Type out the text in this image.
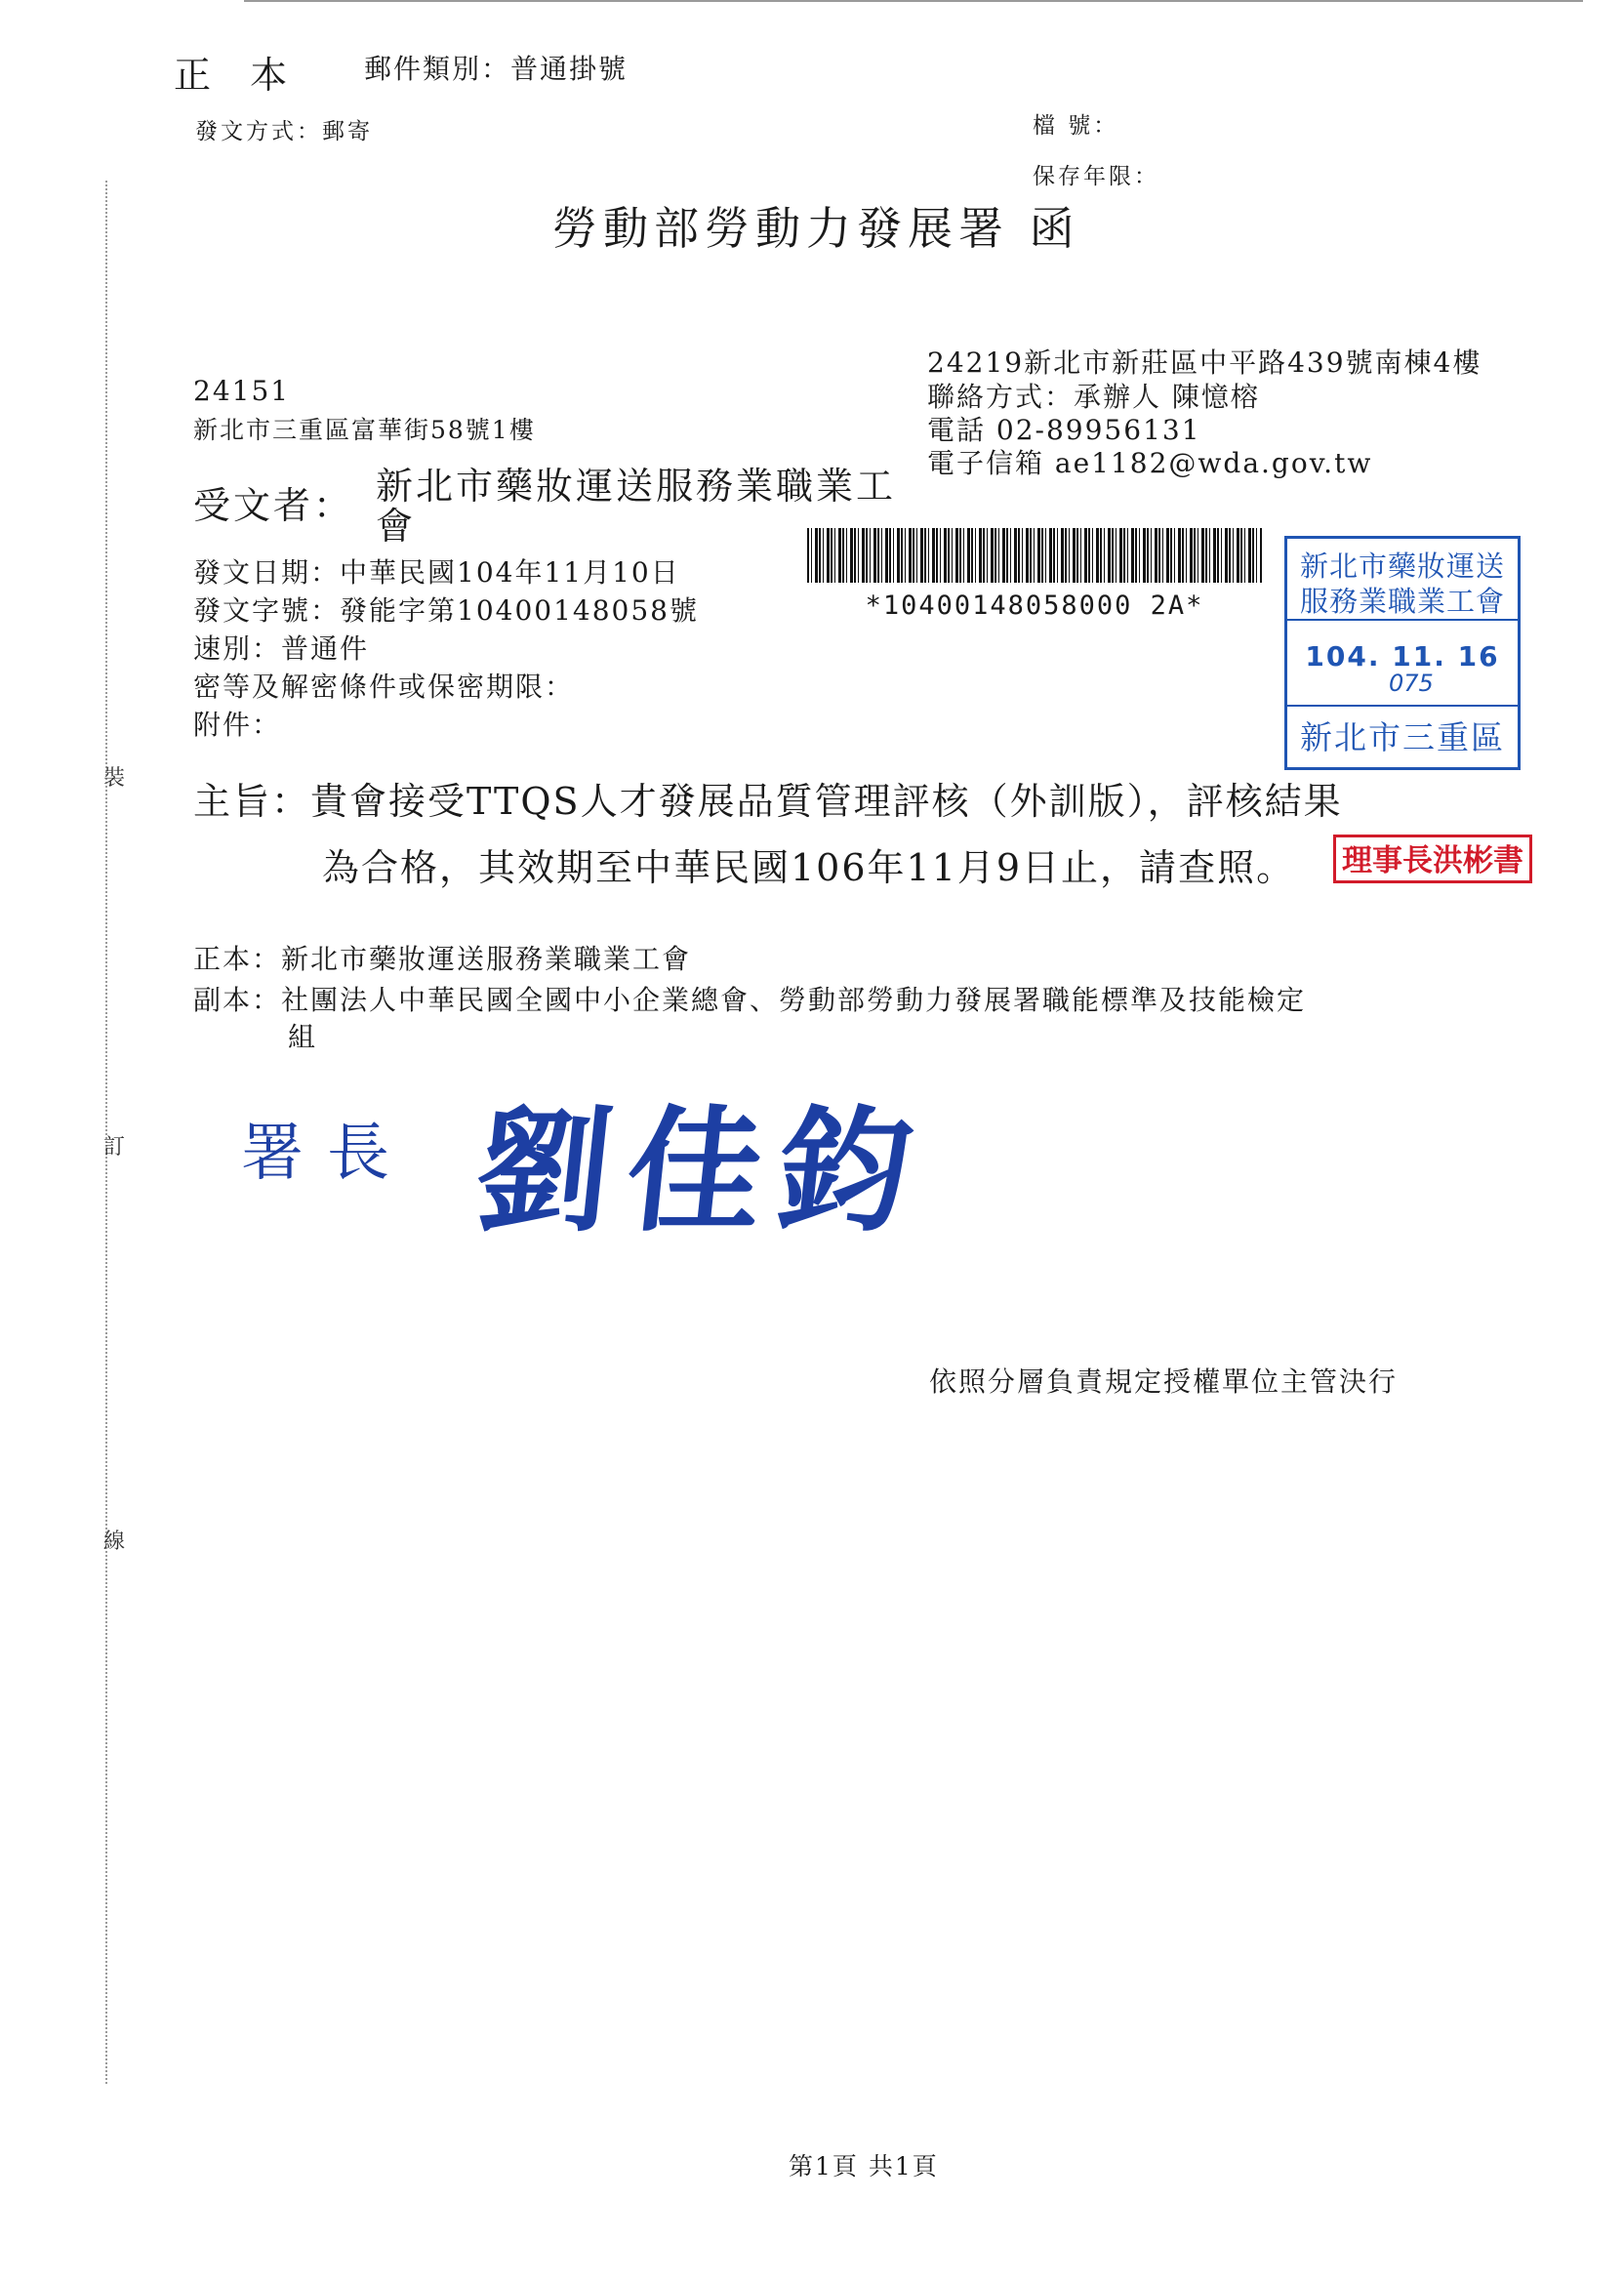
裝
訂
線
正 本 郵件類別：普通掛號
發文方式：郵寄	檔 號：
保存年限：
勞動部勞動力發展署 函
24219新北市新莊區中平路439號南棟4樓
聯絡方式：承辦人 陳憶榕
電話 02-89956131
電子信箱 ae1182@wda.gov.tw
24151
新北市三重區富華街58號1樓
受文者： 新北市藥妝運送服務業職業工
會
發文日期：中華民國104年11月10日
發文字號：發能字第10400148058號
速別：普通件
密等及解密條件或保密期限：
附件：
*10400148058000 2A*
新北市藥妝運送
服務業職業工會
104. 11. 16
075
新北市三重區
主旨：貴會接受TTQS人才發展品質管理評核（外訓版），評核結果
為合格，其效期至中華民國106年11月9日止，請查照。 理事長洪彬書
正本：新北市藥妝運送服務業職業工會
副本：社團法人中華民國全國中小企業總會、勞動部勞動力發展署職能標準及技能檢定
組
署長 劉佳鈞
依照分層負責規定授權單位主管決行
第1頁 共1頁
